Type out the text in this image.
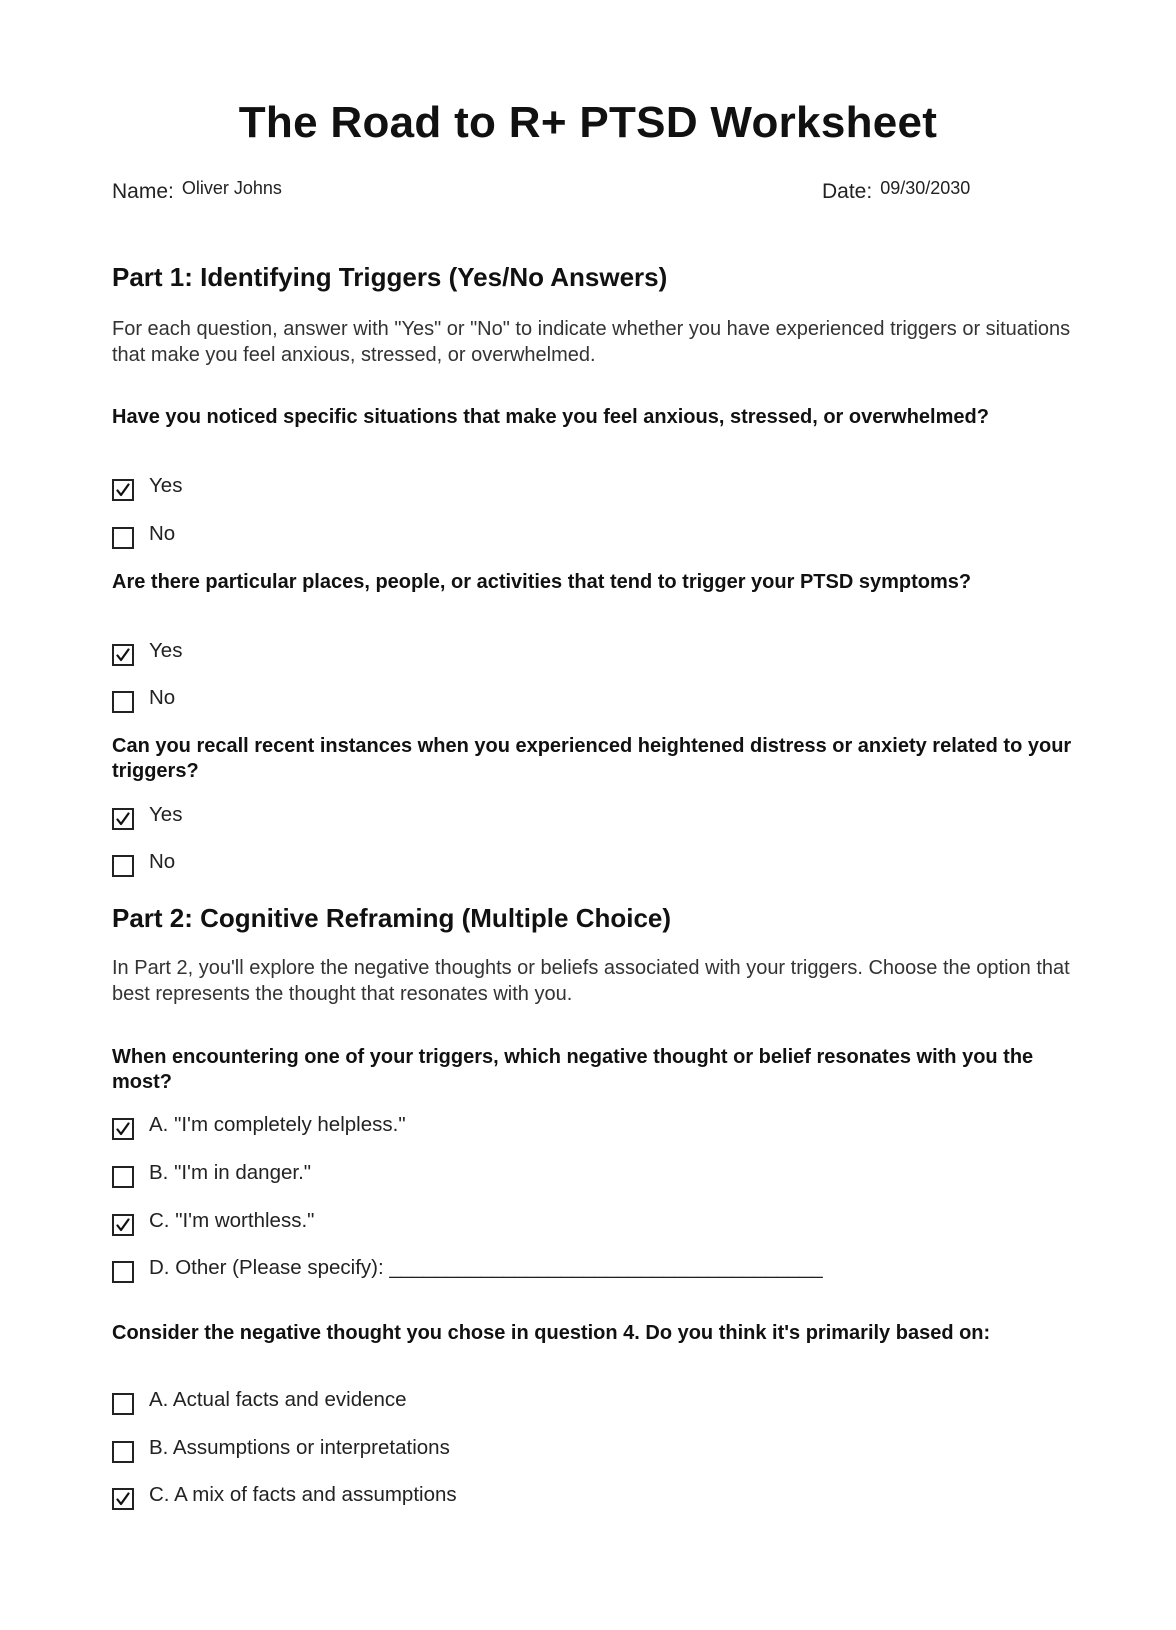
The Road to R+ PTSD Worksheet
Name: Oliver Johns	Date: 09/30/2030
Part 1: Identifying Triggers (Yes/No Answers)

For each question, answer with "Yes" or "No" to indicate whether you have experienced triggers or situations that make you feel anxious, stressed, or overwhelmed.

Have you noticed specific situations that make you feel anxious, stressed, or overwhelmed?

Yes
No

Are there particular places, people, or activities that tend to trigger your PTSD symptoms?

Yes
No

Can you recall recent instances when you experienced heightened distress or anxiety related to your triggers?

Yes
No
Part 2: Cognitive Reframing (Multiple Choice)

In Part 2, you'll explore the negative thoughts or beliefs associated with your triggers. Choose the option that best represents the thought that resonates with you.

When encountering one of your triggers, which negative thought or belief resonates with you the most?

A. "I'm completely helpless."
B. "I'm in danger."
C. "I'm worthless."
D. Other (Please specify): ______________________________________

Consider the negative thought you chose in question 4. Do you think it's primarily based on:

A. Actual facts and evidence
B. Assumptions or interpretations
C. A mix of facts and assumptions
